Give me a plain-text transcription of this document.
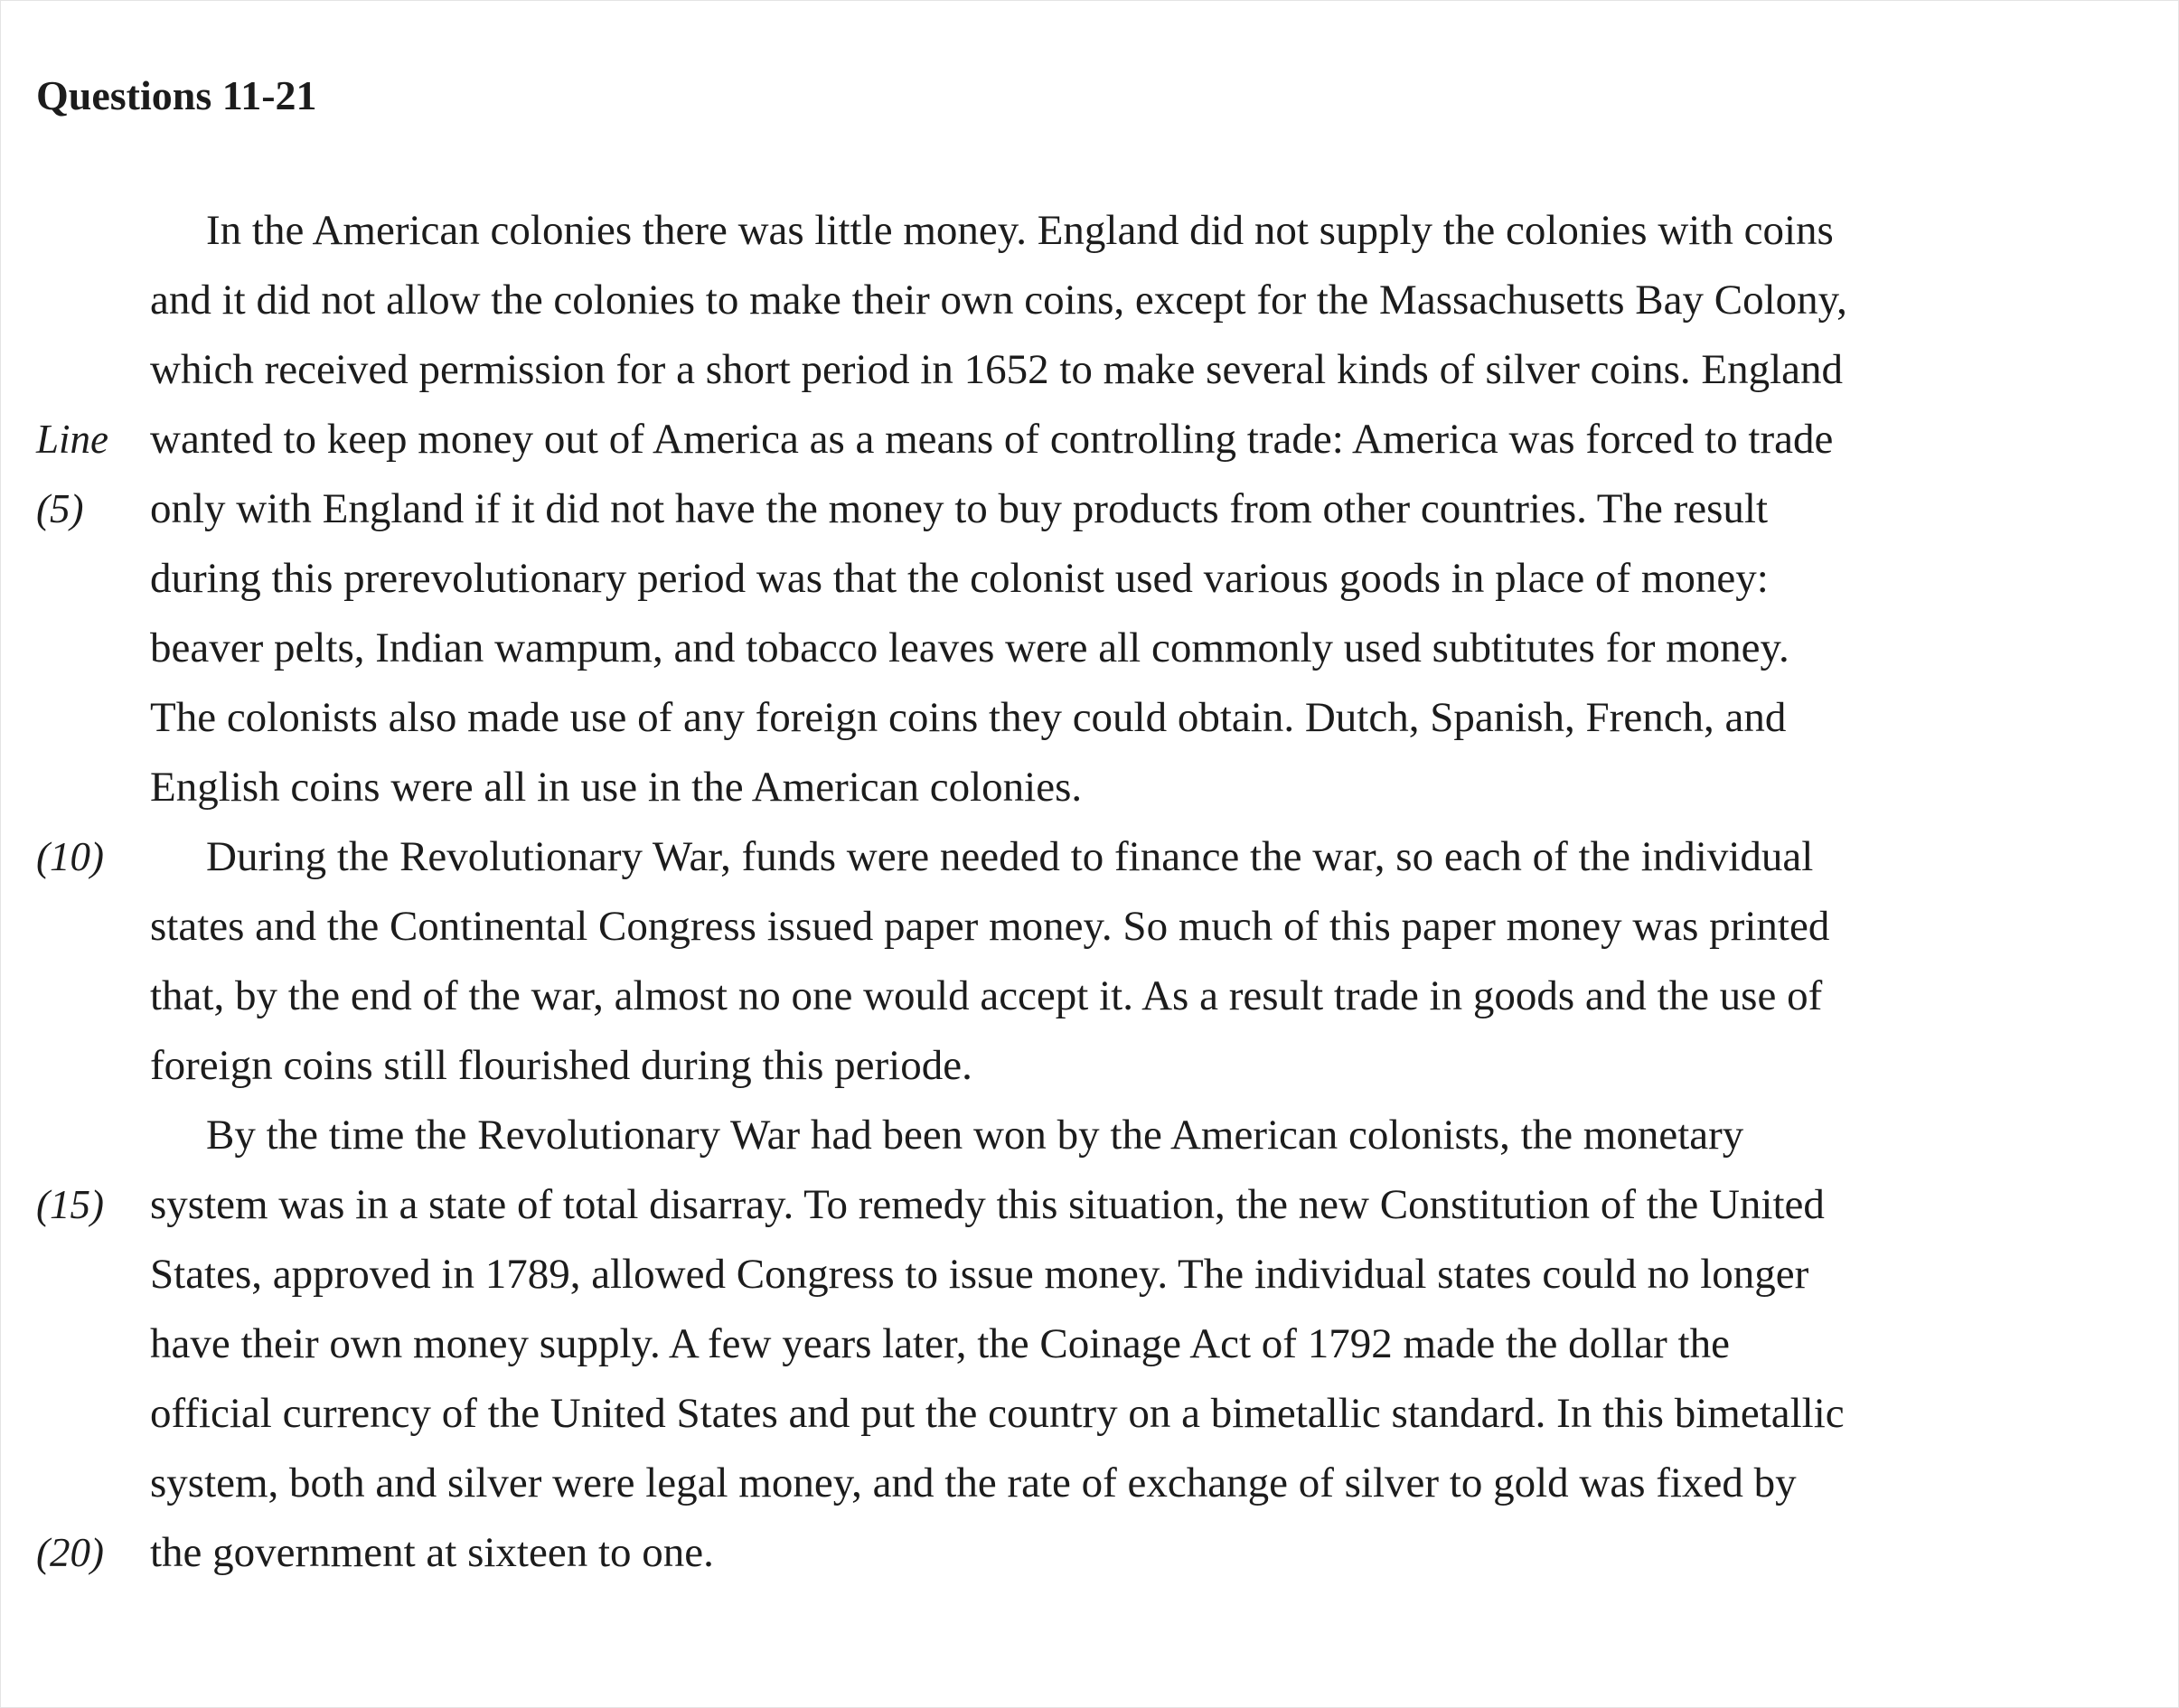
Questions 11-21
In the American colonies there was little money. England did not supply the colonies with coins
and it did not allow the colonies to make their own coins, except for the Massachusetts Bay Colony,
which received permission for a short period in 1652 to make several kinds of silver coins. England
Line wanted to keep money out of America as a means of controlling trade: America was forced to trade
(5) only with England if it did not have the money to buy products from other countries. The result
during this prerevolutionary period was that the colonist used various goods in place of money:
beaver pelts, Indian wampum, and tobacco leaves were all commonly used subtitutes for money.
The colonists also made use of any foreign coins they could obtain. Dutch, Spanish, French, and
English coins were all in use in the American colonies.
(10) During the Revolutionary War, funds were needed to finance the war, so each of the individual
states and the Continental Congress issued paper money. So much of this paper money was printed
that, by the end of the war, almost no one would accept it. As a result trade in goods and the use of
foreign coins still flourished during this periode.
By the time the Revolutionary War had been won by the American colonists, the monetary
(15) system was in a state of total disarray. To remedy this situation, the new Constitution of the United
States, approved in 1789, allowed Congress to issue money. The individual states could no longer
have their own money supply. A few years later, the Coinage Act of 1792 made the dollar the
official currency of the United States and put the country on a bimetallic standard. In this bimetallic
system, both and silver were legal money, and the rate of exchange of silver to gold was fixed by
(20) the government at sixteen to one.
